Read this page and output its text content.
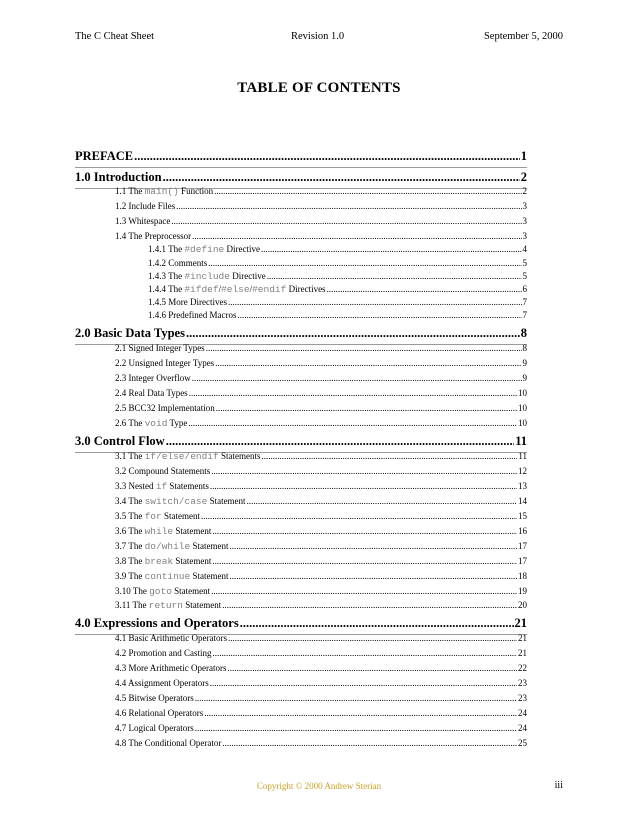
The C Cheat Sheet	Revision 1.0	September 5, 2000
TABLE OF CONTENTS
PREFACE .....	1
1.0 Introduction .....	2
1.1 The main() Function .....	2
1.2 Include Files .....	3
1.3 Whitespace .....	3
1.4 The Preprocessor .....	3
1.4.1 The #define Directive .....	4
1.4.2 Comments .....	5
1.4.3 The #include Directive .....	5
1.4.4 The #ifdef/#else/#endif Directives .....	6
1.4.5 More Directives .....	7
1.4.6 Predefined Macros .....	7
2.0 Basic Data Types .....	8
2.1 Signed Integer Types .....	8
2.2 Unsigned Integer Types .....	9
2.3 Integer Overflow .....	9
2.4 Real Data Types .....	10
2.5 BCC32 Implementation .....	10
2.6 The void Type .....	10
3.0 Control Flow .....	11
3.1 The if/else/endif Statements .....	11
3.2 Compound Statements .....	12
3.3 Nested if Statements .....	13
3.4 The switch/case Statement .....	14
3.5 The for Statement .....	15
3.6 The while Statement .....	16
3.7 The do/while Statement .....	17
3.8 The break Statement .....	17
3.9 The continue Statement .....	18
3.10 The goto Statement .....	19
3.11 The return Statement .....	20
4.0 Expressions and Operators .....	21
4.1 Basic Arithmetic Operators .....	21
4.2 Promotion and Casting .....	21
4.3 More Arithmetic Operators .....	22
4.4 Assignment Operators .....	23
4.5 Bitwise Operators .....	23
4.6 Relational Operators .....	24
4.7 Logical Operators .....	24
4.8 The Conditional Operator .....	25
Copyright © 2000 Andrew Sterian	iii
